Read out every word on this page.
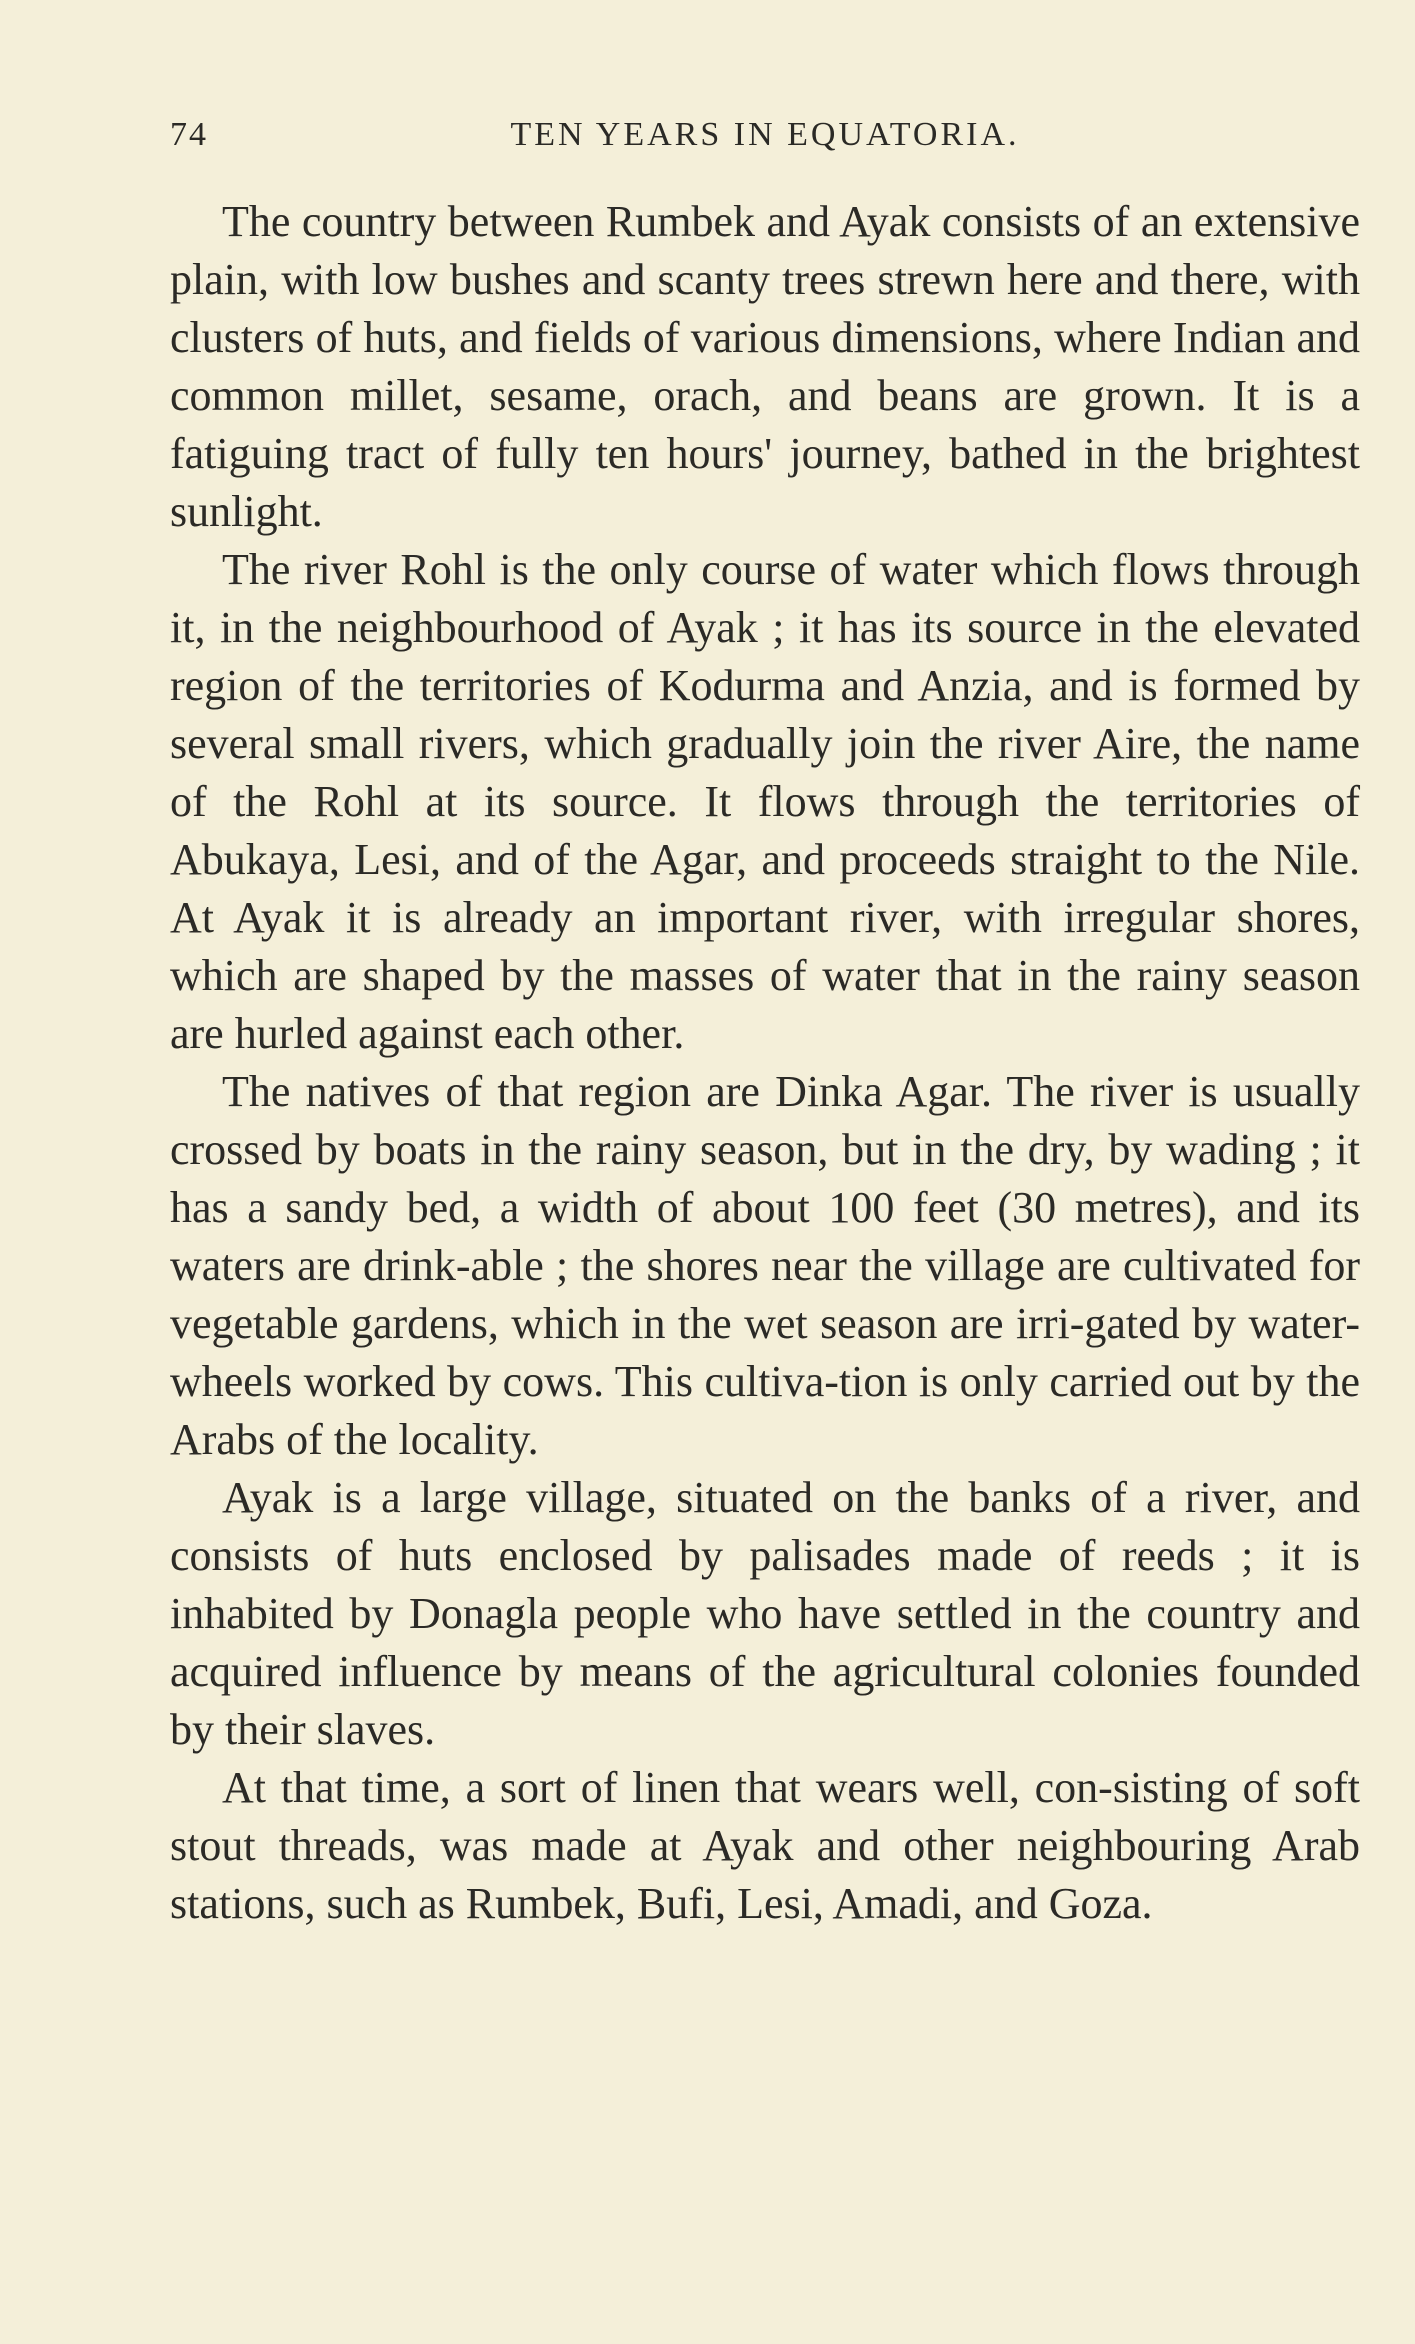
74	TEN YEARS IN EQUATORIA.

The country between Rumbek and Ayak consists of an extensive plain, with low bushes and scanty trees strewn here and there, with clusters of huts, and fields of various dimensions, where Indian and common millet, sesame, orach, and beans are grown. It is a fatiguing tract of fully ten hours' journey, bathed in the brightest sunlight.

The river Rohl is the only course of water which flows through it, in the neighbourhood of Ayak ; it has its source in the elevated region of the territories of Kodurma and Anzia, and is formed by several small rivers, which gradually join the river Aire, the name of the Rohl at its source. It flows through the territories of Abukaya, Lesi, and of the Agar, and proceeds straight to the Nile. At Ayak it is already an important river, with irregular shores, which are shaped by the masses of water that in the rainy season are hurled against each other.

The natives of that region are Dinka Agar. The river is usually crossed by boats in the rainy season, but in the dry, by wading ; it has a sandy bed, a width of about 100 feet (30 metres), and its waters are drink-able ; the shores near the village are cultivated for vegetable gardens, which in the wet season are irri-gated by water-wheels worked by cows. This cultiva-tion is only carried out by the Arabs of the locality.

Ayak is a large village, situated on the banks of a river, and consists of huts enclosed by palisades made of reeds ; it is inhabited by Donagla people who have settled in the country and acquired influence by means of the agricultural colonies founded by their slaves.

At that time, a sort of linen that wears well, con-sisting of soft stout threads, was made at Ayak and other neighbouring Arab stations, such as Rumbek, Bufi, Lesi, Amadi, and Goza.
